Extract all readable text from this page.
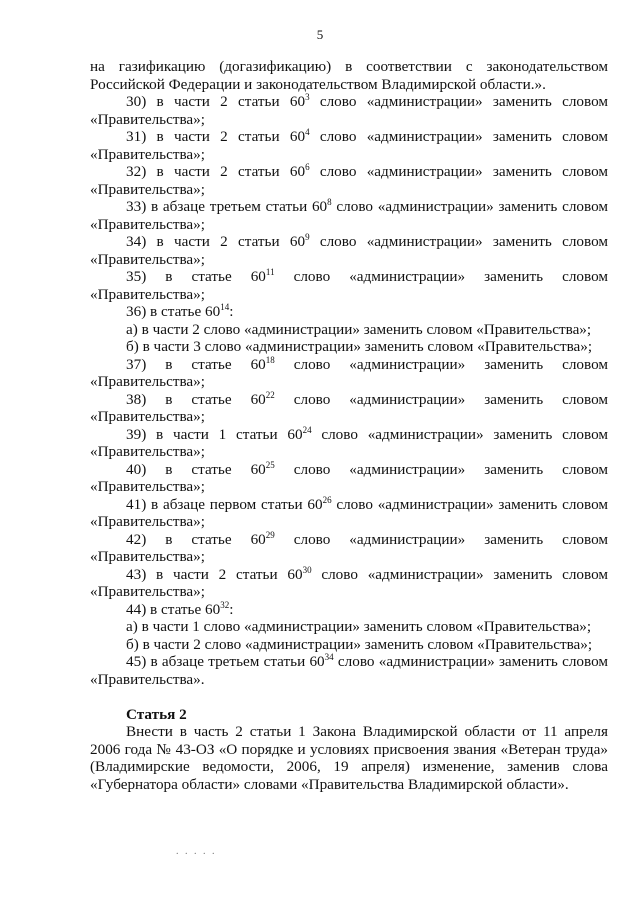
5

на газификацию (догазификацию) в соответствии с законодательством Российской Федерации и законодательством Владимирской области.».

30) в части 2 статьи $60^3$ слово «администрации» заменить словом «Правительства»;

31) в части 2 статьи $60^4$ слово «администрации» заменить словом «Правительства»;

32) в части 2 статьи $60^6$ слово «администрации» заменить словом «Правительства»;

33) в абзаце третьем статьи $60^8$ слово «администрации» заменить словом «Правительства»;

34) в части 2 статьи $60^9$ слово «администрации» заменить словом «Правительства»;

35) в статье $60^{11}$ слово «администрации» заменить словом «Правительства»;

36) в статье $60^{14}$:

а) в части 2 слово «администрации» заменить словом «Правительства»;

б) в части 3 слово «администрации» заменить словом «Правительства»;

37) в статье $60^{18}$ слово «администрации» заменить словом «Правительства»;

38) в статье $60^{22}$ слово «администрации» заменить словом «Правительства»;

39) в части 1 статьи $60^{24}$ слово «администрации» заменить словом «Правительства»;

40) в статье $60^{25}$ слово «администрации» заменить словом «Правительства»;

41) в абзаце первом статьи $60^{26}$ слово «администрации» заменить словом «Правительства»;

42) в статье $60^{29}$ слово «администрации» заменить словом «Правительства»;

43) в части 2 статьи $60^{30}$ слово «администрации» заменить словом «Правительства»;

44) в статье $60^{32}$:

а) в части 1 слово «администрации» заменить словом «Правительства»;

б) в части 2 слово «администрации» заменить словом «Правительства»;

45) в абзаце третьем статьи $60^{34}$ слово «администрации» заменить словом «Правительства».

Статья 2

Внести в часть 2 статьи 1 Закона Владимирской области от 11 апреля 2006 года № 43-ОЗ «О порядке и условиях присвоения звания «Ветеран труда» (Владимирские ведомости, 2006, 19 апреля) изменение, заменив слова «Губернатора области» словами «Правительства Владимирской области».

. . . . .
